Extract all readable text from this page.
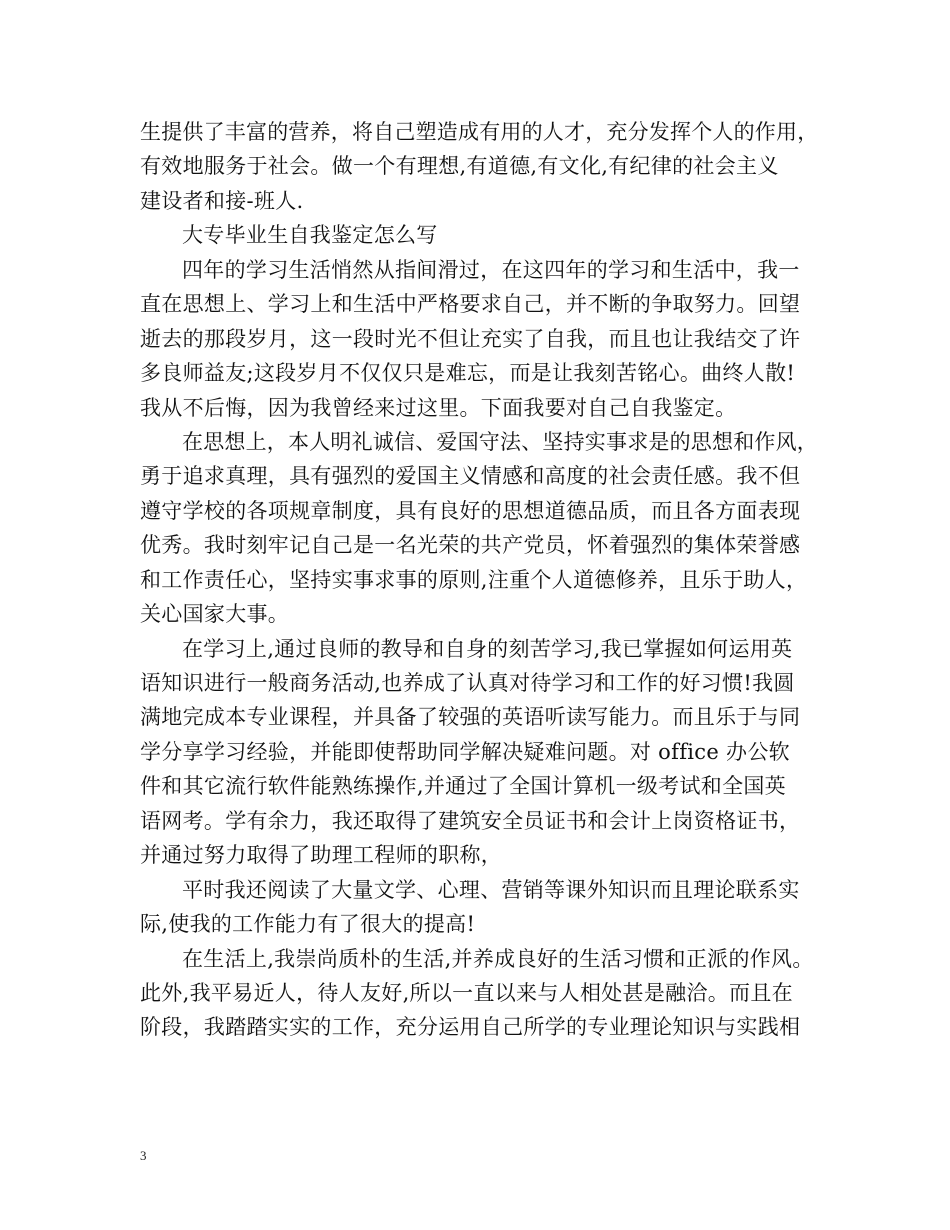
生提供了丰富的营养，将自己塑造成有用的人才，充分发挥个人的作用，
有效地服务于社会。做一个有理想,有道德,有文化,有纪律的社会主义
建设者和接-班人.
大专毕业生自我鉴定怎么写
四年的学习生活悄然从指间滑过，在这四年的学习和生活中，我一
直在思想上、学习上和生活中严格要求自己，并不断的争取努力。回望
逝去的那段岁月，这一段时光不但让充实了自我，而且也让我结交了许
多良师益友;这段岁月不仅仅只是难忘，而是让我刻苦铭心。曲终人散!
我从不后悔，因为我曾经来过这里。下面我要对自己自我鉴定。
在思想上，本人明礼诚信、爱国守法、坚持实事求是的思想和作风，
勇于追求真理，具有强烈的爱国主义情感和高度的社会责任感。我不但
遵守学校的各项规章制度，具有良好的思想道德品质，而且各方面表现
优秀。我时刻牢记自己是一名光荣的共产党员，怀着强烈的集体荣誉感
和工作责任心，坚持实事求事的原则,注重个人道德修养，且乐于助人，
关心国家大事。
在学习上,通过良师的教导和自身的刻苦学习,我已掌握如何运用英
语知识进行一般商务活动,也养成了认真对待学习和工作的好习惯!我圆
满地完成本专业课程，并具备了较强的英语听读写能力。而且乐于与同
学分享学习经验，并能即使帮助同学解决疑难问题。对 office 办公软
件和其它流行软件能熟练操作,并通过了全国计算机一级考试和全国英
语网考。学有余力，我还取得了建筑安全员证书和会计上岗资格证书，
并通过努力取得了助理工程师的职称，
平时我还阅读了大量文学、心理、营销等课外知识而且理论联系实
际,使我的工作能力有了很大的提高!
在生活上,我崇尚质朴的生活,并养成良好的生活习惯和正派的作风。
此外,我平易近人，待人友好,所以一直以来与人相处甚是融洽。而且在
阶段，我踏踏实实的工作，充分运用自己所学的专业理论知识与实践相
3
